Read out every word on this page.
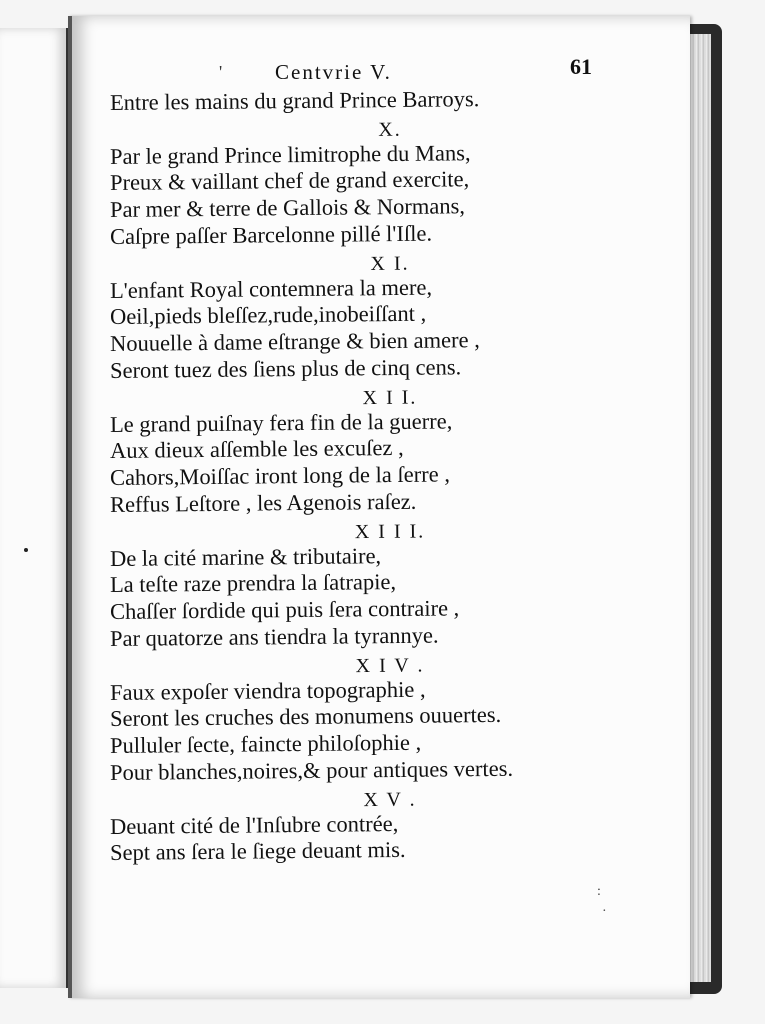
'	Centvrie V.	61
Entre les mains du grand Prince Barroys.
X.
Par le grand Prince limitrophe du Mans,
Preux & vaillant chef de grand exercite,
Par mer & terre de Gallois & Normans,
Caſpre paſſer Barcelonne pillé l'Iſle.
X I.
L'enfant Royal contemnera la mere,
Oeil,pieds bleſſez,rude,inobeiſſant ,
Nouuelle à dame eſtrange & bien amere ,
Seront tuez des ſiens plus de cinq cens.
X I I.
Le grand puiſnay fera fin de la guerre,
Aux dieux aſſemble les excuſez ,
Cahors,Moiſſac iront long de la ſerre ,
Reffus Leſtore , les Agenois raſez.
X I I I.
De la cité marine & tributaire,
La teſte raze prendra la ſatrapie,
Chaſſer ſordide qui puis ſera contraire ,
Par quatorze ans tiendra la tyrannye.
X I V .
Faux expoſer viendra topographie ,
Seront les cruches des monumens ouuertes.
Pulluler ſecte, faincte philoſophie ,
Pour blanches,noires,& pour antiques vertes.
X V .
Deuant cité de l'Inſubre contrée,
Sept ans ſera le ſiege deuant mis.
:
·
